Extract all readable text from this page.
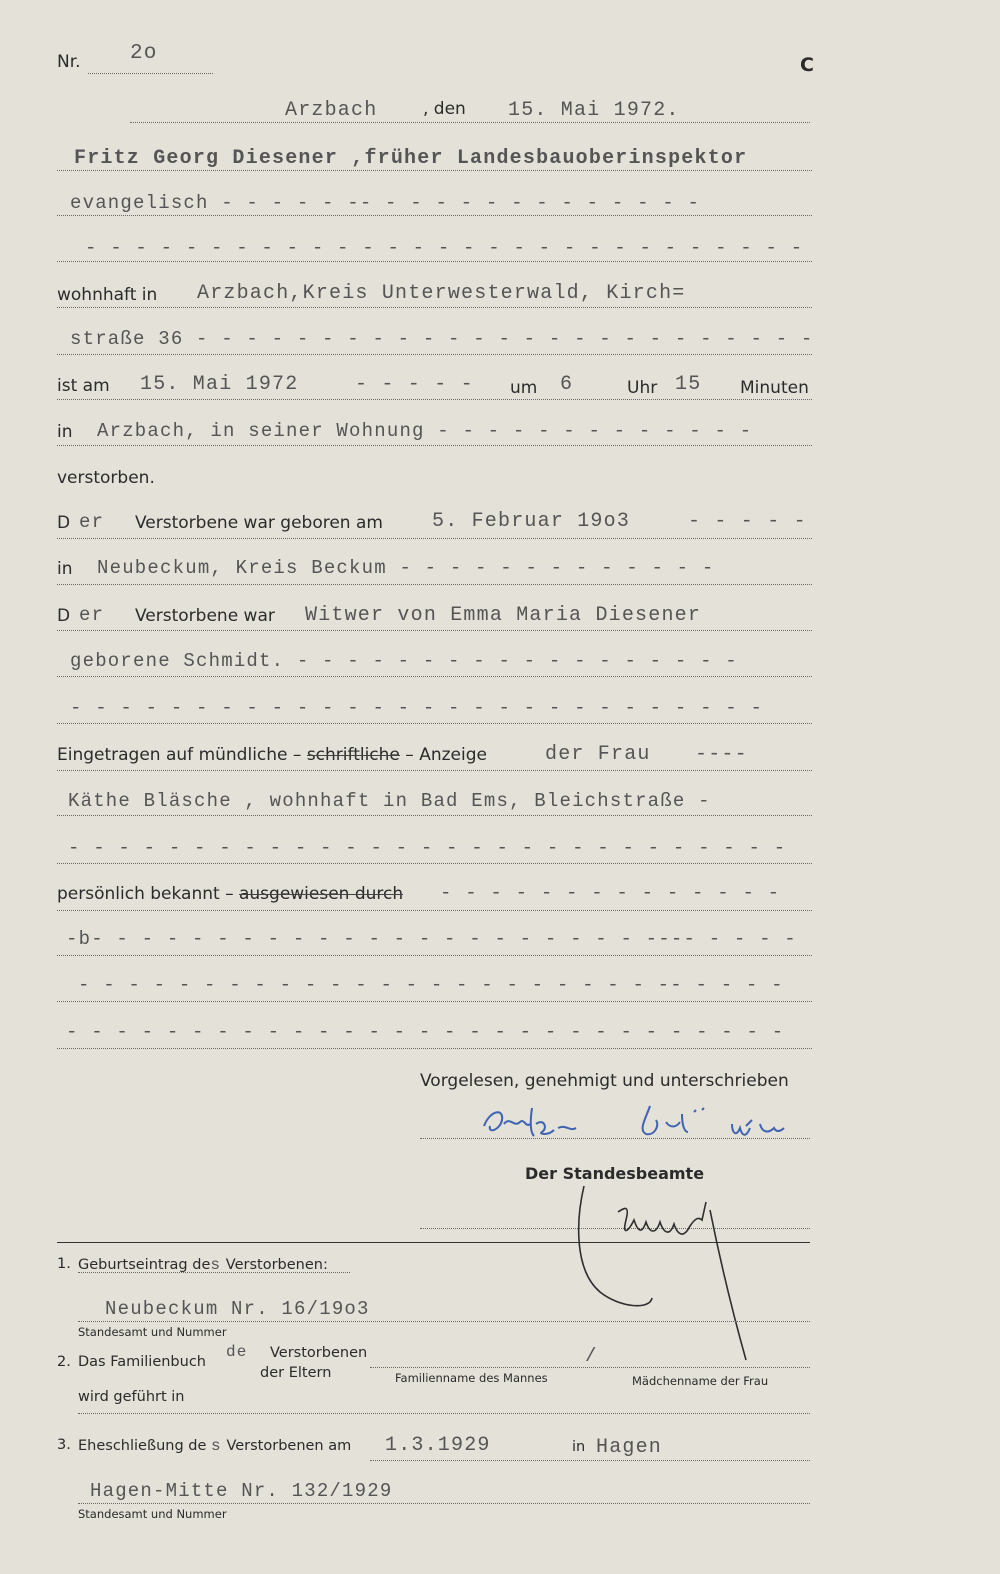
Nr. 2o	C
Arzbach	, den 15. Mai 1972.
Fritz Georg Diesener ,früher Landesbauoberinspektor
evangelisch - - - - - -- - - - - - - - - - - - - -
- - - - - - - - - - - - - - - - - - - - - - - - - - - - -
wohnhaft in Arzbach,Kreis Unterwesterwald, Kirch=
straße 36 - - - - - - - - - - - - - - - - - - - - - - - - -
ist am 15. Mai 1972	- - - - - um 6	Uhr 15 Minuten
in Arzbach, in seiner Wohnung - - - - - - - - - - - - -
verstorben.
D er Verstorbene war geboren am 5. Februar 19o3	- - - - -
in Neubeckum, Kreis Beckum - - - - - - - - - - - - -
D er Verstorbene war Witwer von Emma Maria Diesener
geborene Schmidt. - - - - - - - - - - - - - - - - - -
- - - - - - - - - - - - - - - - - - - - - - - - - - - -
Eingetragen auf mündliche – schriftliche – Anzeige	der Frau ----
Käthe Bläsche , wohnhaft in Bad Ems, Bleichstraße -
- - - - - - - - - - - - - - - - - - - - - - - - - - - - -
persönlich bekannt – ausgewiesen durch - - - - - - - - - - - - - -
-b- - - - - - - - - - - - - - - - - - - - - - ---- - - - -
- - - - - - - - - - - - - - - - - - - - - - - -- - - - -
- - - - - - - - - - - - - - - - - - - - - - - - - - - - -
Vorgelesen, genehmigt und unterschrieben
Der Standesbeamte
1. Geburtseintrag des Verstorbenen:
Neubeckum Nr. 16/19o3
Standesamt und Nummer
2. Das Familienbuch
de Verstorbenen
der Eltern
/
Familienname des Mannes	Mädchenname der Frau
wird geführt in
3. Eheschließung de s Verstorbenen am 1.3.1929	in Hagen
Hagen-Mitte Nr. 132/1929
Standesamt und Nummer
